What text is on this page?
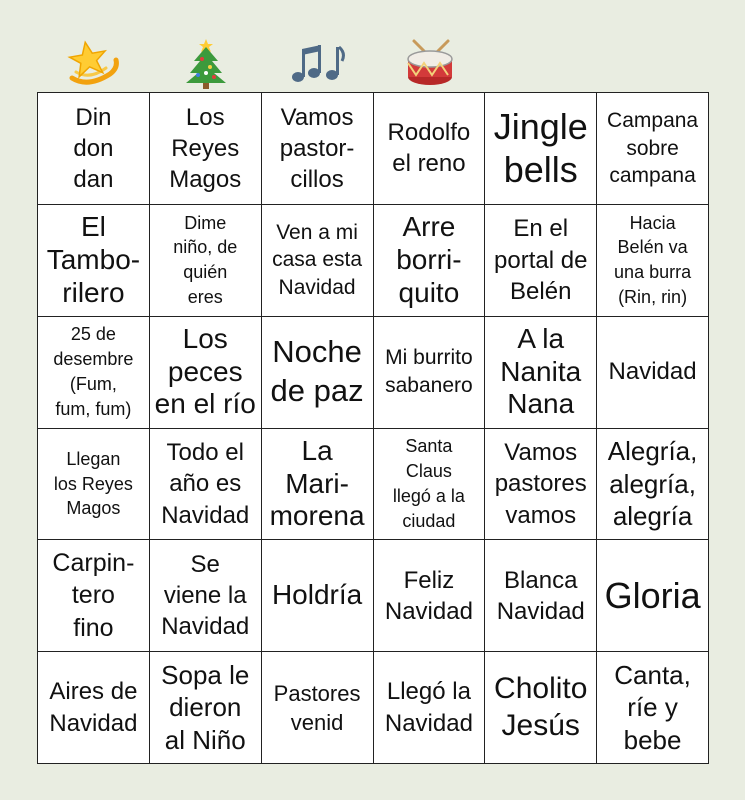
Din
don
dan
Los
Reyes
Magos
Vamos
pastor-
cillos
Rodolfo
el reno
Jingle
bells
Campana
sobre
campana
El
Tambo-
rilero
Dime
niño, de
quién
eres
Ven a mi
casa esta
Navidad
Arre
borri-
quito
En el
portal de
Belén
Hacia
Belén va
una burra
(Rin, rin)
25 de
desembre
(Fum,
fum, fum)
Los
peces
en el río
Noche
de paz
Mi burrito
sabanero
A la
Nanita
Nana
Navidad
Llegan
los Reyes
Magos
Todo el
año es
Navidad
La
Mari-
morena
Santa
Claus
llegó a la
ciudad
Vamos
pastores
vamos
Alegría,
alegría,
alegría
Carpin-
tero
fino
Se
viene la
Navidad
Holdría	Feliz
Navidad
Blanca
Navidad Gloria
Aires de
Navidad
Sopa le
dieron
al Niño
Pastores
venid
Llegó la
Navidad
Cholito
Jesús
Canta,
ríe y
bebe
